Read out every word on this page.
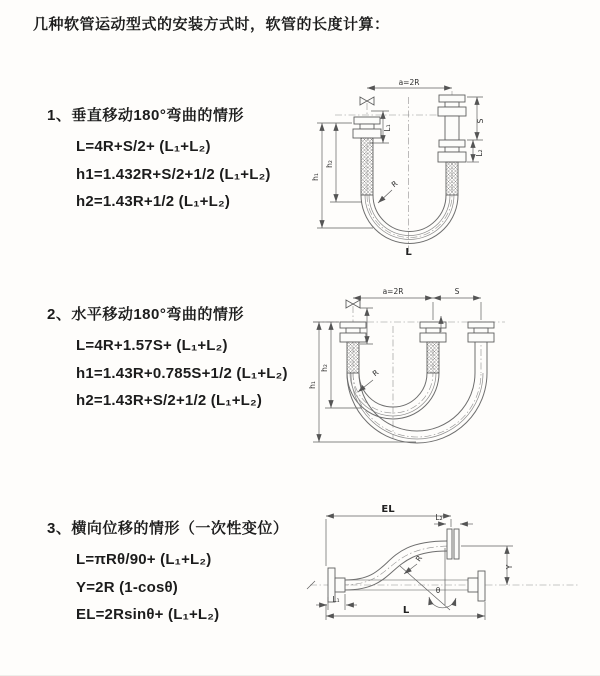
几种软管运动型式的安装方式时，软管的长度计算：
1、垂直移动180°弯曲的情形
L=4R+S/2+ (L₁+L₂)
h1=1.432R+S/2+1/2 (L₁+L₂)
h2=1.43R+1/2 (L₁+L₂)
2、水平移动180°弯曲的情形
L=4R+1.57S+ (L₁+L₂)
h1=1.43R+0.785S+1/2 (L₁+L₂)
h2=1.43R+S/2+1/2 (L₁+L₂)
3、横向位移的情形（一次性变位）
L=πRθ/90+ (L₁+L₂)
Y=2R (1-cosθ)
EL=2Rsinθ+ (L₁+L₂)
a=2R
S
L₂
L₁
h₁
h₂
R
L
a=2R	S
h₁
h₂	R
EL
L₂
Y
R
θ
L
L₁
